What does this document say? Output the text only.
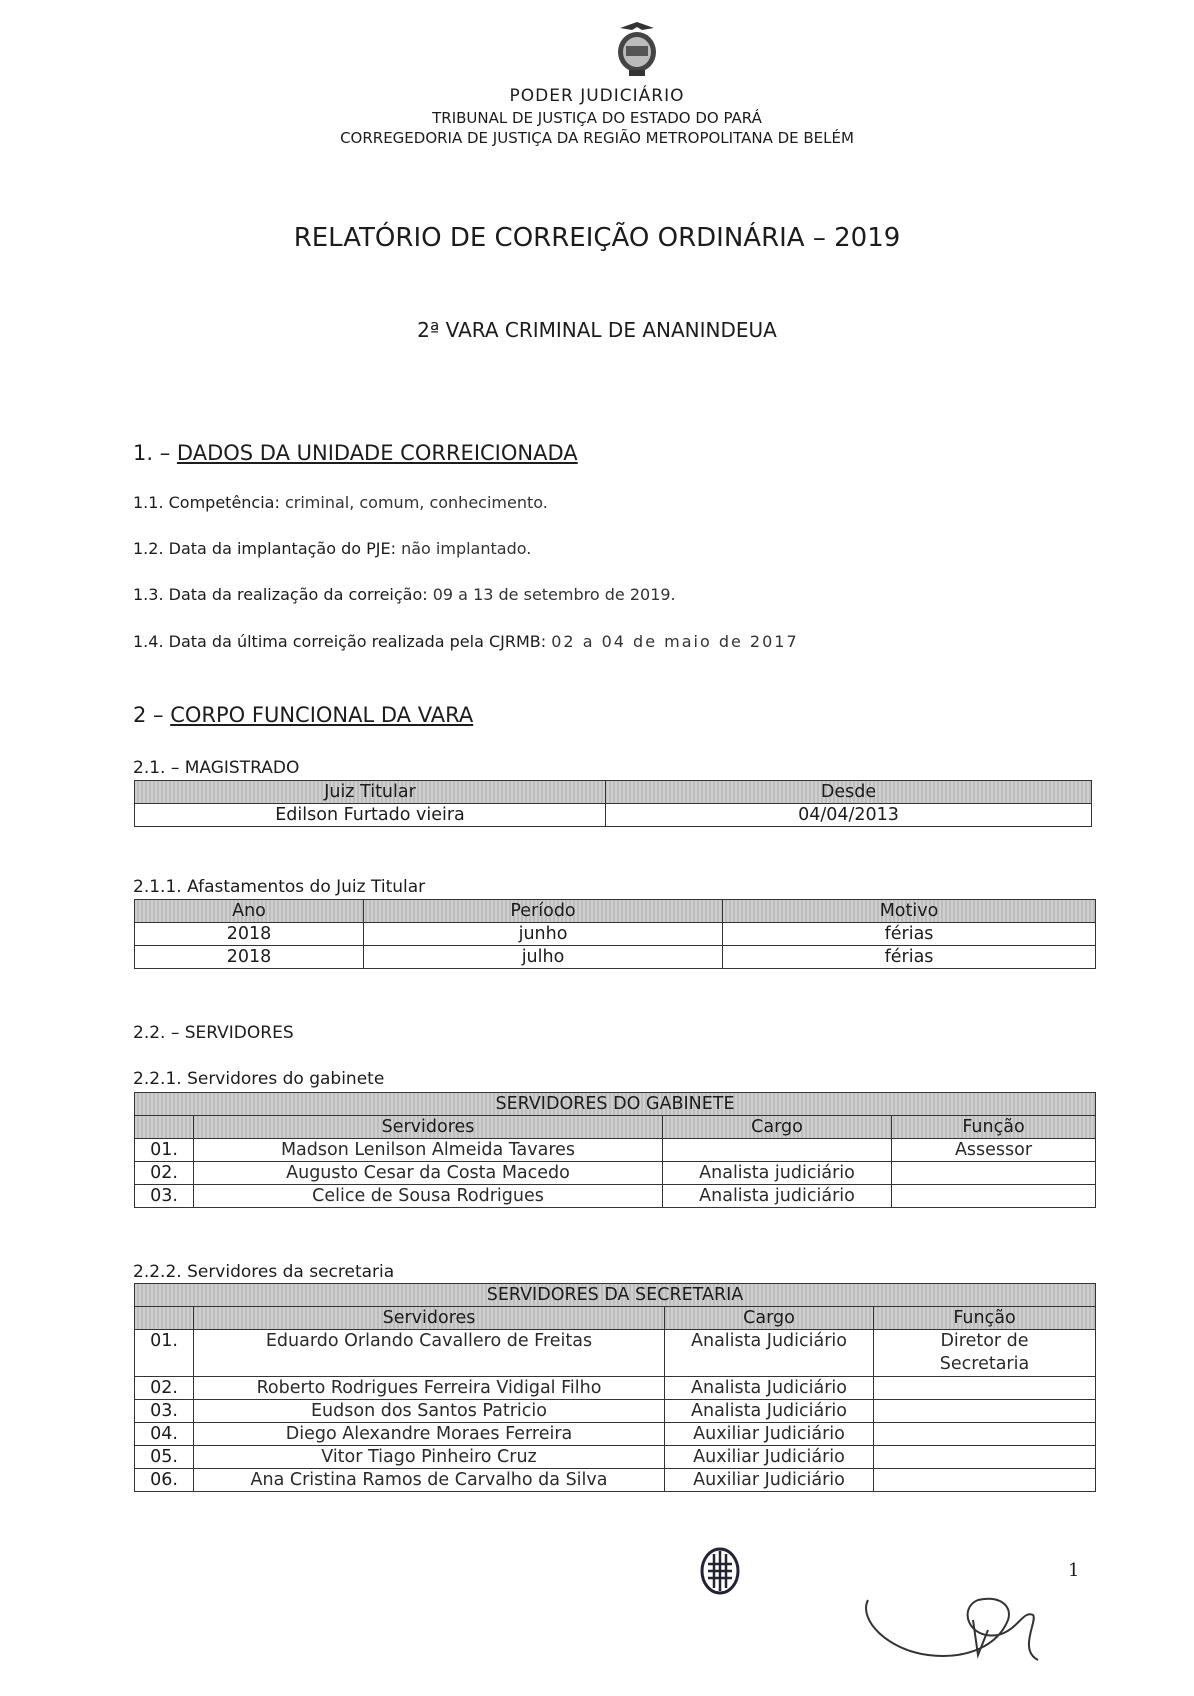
PODER JUDICIÁRIO
TRIBUNAL DE JUSTIÇA DO ESTADO DO PARÁ
CORREGEDORIA DE JUSTIÇA DA REGIÃO METROPOLITANA DE BELÉM
RELATÓRIO DE CORREIÇÃO ORDINÁRIA – 2019
2ª VARA CRIMINAL DE ANANINDEUA
1. – DADOS DA UNIDADE CORREICIONADA
1.1. Competência: criminal, comum, conhecimento.
1.2. Data da implantação do PJE: não implantado.
1.3. Data da realização da correição: 09 a 13 de setembro de 2019.
1.4. Data da última correição realizada pela CJRMB: 02 a 04 de maio de 2017
2 – CORPO FUNCIONAL DA VARA
2.1. – MAGISTRADO
Juiz Titular	Desde
Edilson Furtado vieira	04/04/2013
2.1.1. Afastamentos do Juiz Titular
Ano	Período	Motivo
2018	junho	férias
2018	julho	férias
2.2. – SERVIDORES
2.2.1. Servidores do gabinete
SERVIDORES DO GABINETE			
	Servidores	Cargo	Função
01.	Madson Lenilson Almeida Tavares		Assessor
02.	Augusto Cesar da Costa Macedo	Analista judiciário	
03.	Celice de Sousa Rodrigues	Analista judiciário	
2.2.2. Servidores da secretaria
SERVIDORES DA SECRETARIA			
	Servidores	Cargo	Função
01.	Eduardo Orlando Cavallero de Freitas	Analista Judiciário	Diretor de Secretaria
02.	Roberto Rodrigues Ferreira Vidigal Filho	Analista Judiciário	
03.	Eudson dos Santos Patricio	Analista Judiciário	
04.	Diego Alexandre Moraes Ferreira	Auxiliar Judiciário	
05.	Vitor Tiago Pinheiro Cruz	Auxiliar Judiciário	
06.	Ana Cristina Ramos de Carvalho da Silva	Auxiliar Judiciário	
1
